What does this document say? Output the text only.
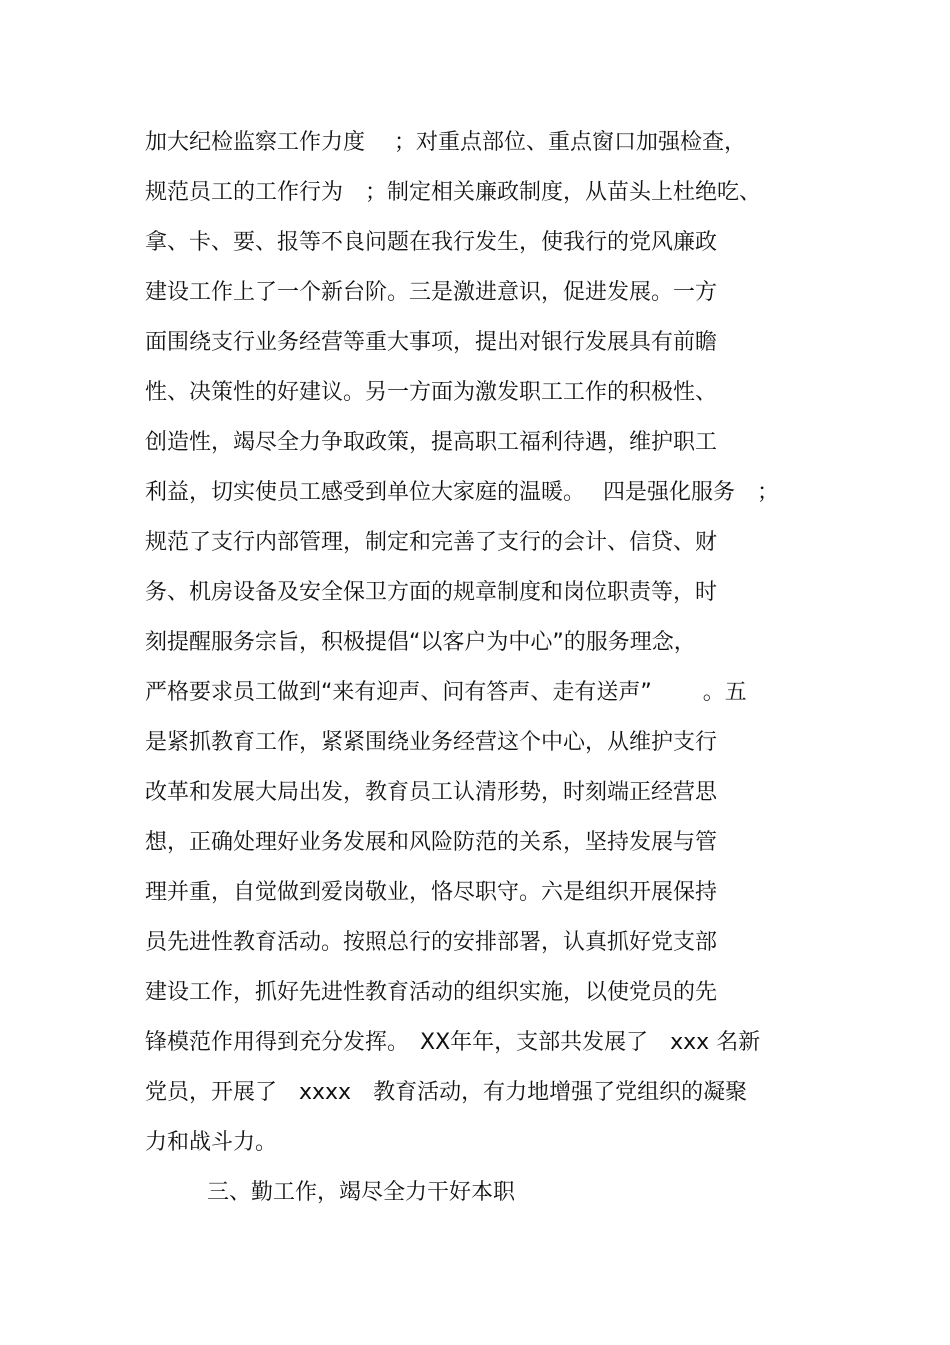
加大纪检监察工作力度　 ；对重点部位、重点窗口加强检查，
规范员工的工作行为　；制定相关廉政制度，从苗头上杜绝吃、
拿、卡、要、报等不良问题在我行发生，使我行的党风廉政
建设工作上了一个新台阶。三是激进意识，促进发展。一方
面围绕支行业务经营等重大事项，提出对银行发展具有前瞻
性、决策性的好建议。另一方面为激发职工工作的积极性、
创造性，竭尽全力争取政策，提高职工福利待遇，维护职工
利益，切实使员工感受到单位大家庭的温暖。　 四是强化服务　；
规范了支行内部管理，制定和完善了支行的会计、信贷、财
务、机房设备及安全保卫方面的规章制度和岗位职责等，时
刻提醒服务宗旨，积极提倡“以客户为中心”的服务理念，
严格要求员工做到“来有迎声、问有答声、走有送声”　　 。五
是紧抓教育工作，紧紧围绕业务经营这个中心，从维护支行
改革和发展大局出发，教育员工认清形势，时刻端正经营思
想，正确处理好业务发展和风险防范的关系，坚持发展与管
理并重，自觉做到爱岗敬业，恪尽职守。六是组织开展保持
员先进性教育活动。按照总行的安排部署，认真抓好党支部
建设工作，抓好先进性教育活动的组织实施，以使党员的先
锋模范作用得到充分发挥。　XX年年，支部共发展了　xxx 名新
党员，开展了　xxxx　教育活动，有力地增强了党组织的凝聚
力和战斗力。
三、勤工作，竭尽全力干好本职
